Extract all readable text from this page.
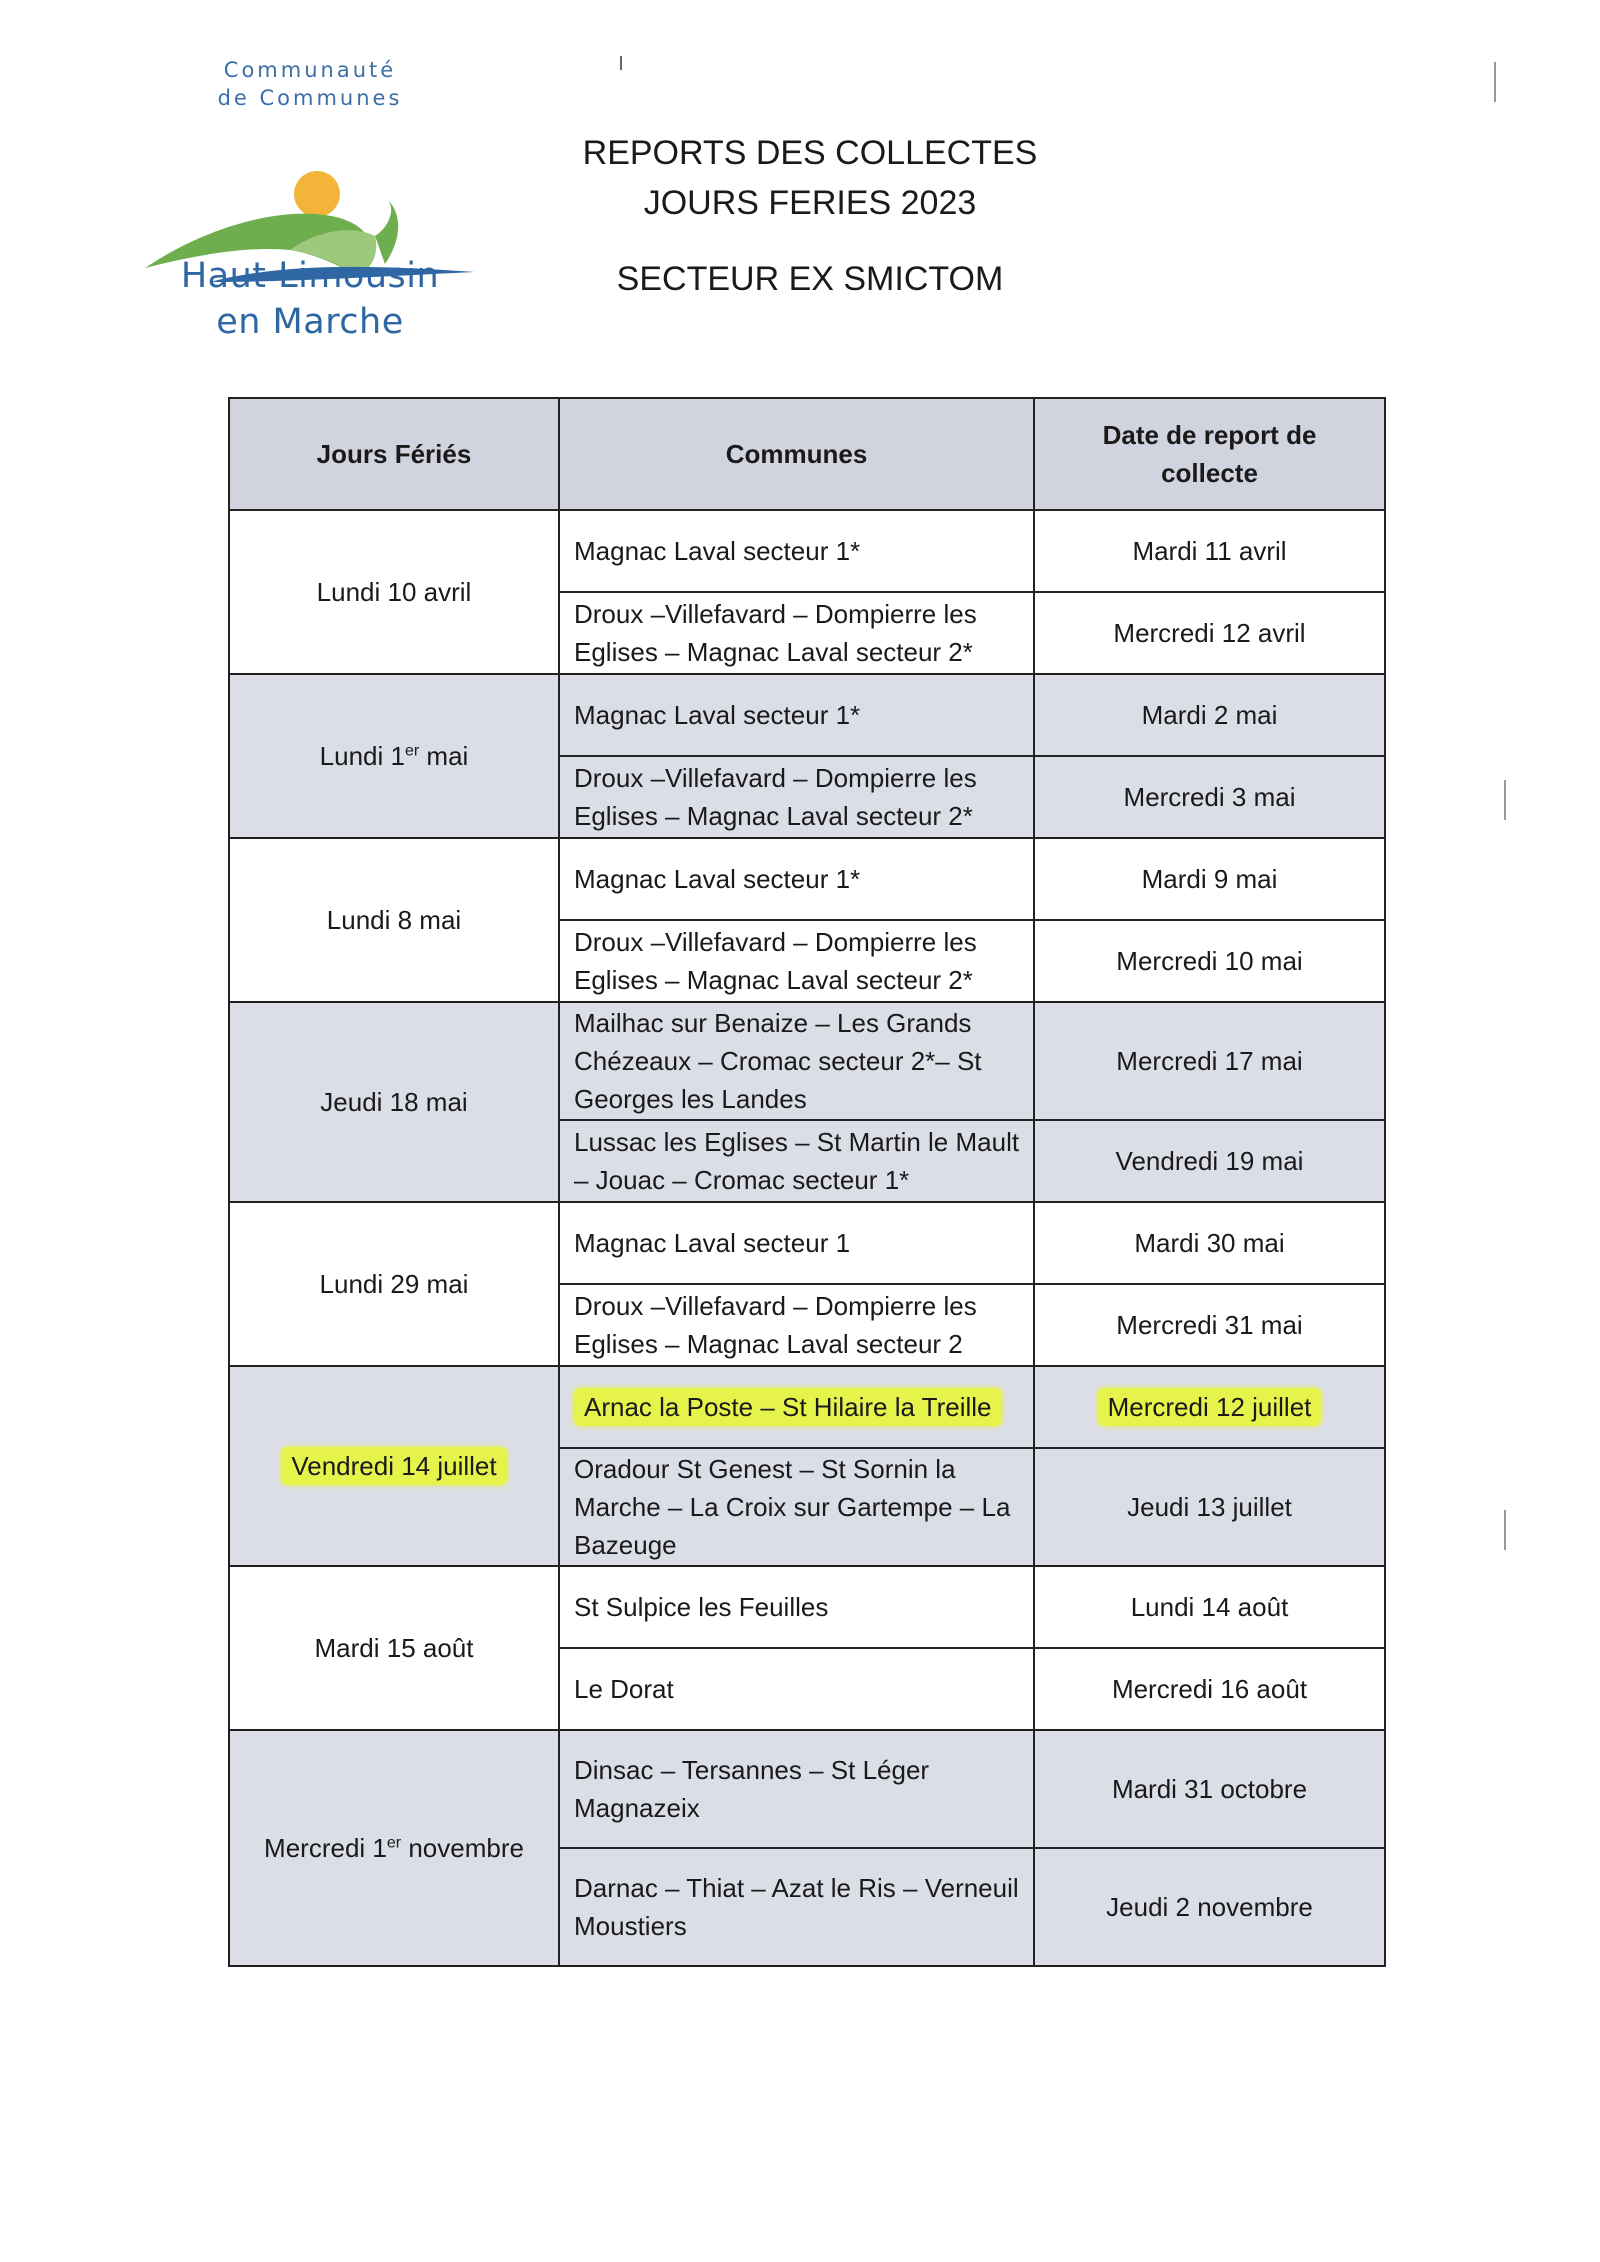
Communauté
de Communes
Haut Limousin
en Marche
REPORTS DES COLLECTES
JOURS FERIES 2023
SECTEUR EX SMICTOM
Jours Fériés	Communes	Date de report de collecte

Lundi 10 avril	Magnac Laval secteur 1*	Mardi 11 avril
	Droux –Villefavard – Dompierre les Eglises – Magnac Laval secteur 2*	Mercredi 12 avril
Lundi 1er mai	Magnac Laval secteur 1*	Mardi 2 mai
	Droux –Villefavard – Dompierre les Eglises – Magnac Laval secteur 2*	Mercredi 3 mai
Lundi 8 mai	Magnac Laval secteur 1*	Mardi 9 mai
	Droux –Villefavard – Dompierre les Eglises – Magnac Laval secteur 2*	Mercredi 10 mai
Jeudi 18 mai	Mailhac sur Benaize – Les Grands Chézeaux – Cromac secteur 2*– St Georges les Landes	Mercredi 17 mai
	Lussac les Eglises – St Martin le Mault – Jouac – Cromac secteur 1*	Vendredi 19 mai
Lundi 29 mai	Magnac Laval secteur 1	Mardi 30 mai
	Droux –Villefavard – Dompierre les Eglises – Magnac Laval secteur 2	Mercredi 31 mai
Vendredi 14 juillet	Arnac la Poste – St Hilaire la Treille	Mercredi 12 juillet
	Oradour St Genest – St Sornin la Marche – La Croix sur Gartempe – La Bazeuge	Jeudi 13 juillet
Mardi 15 août	St Sulpice les Feuilles	Lundi 14 août
	Le Dorat	Mercredi 16 août
Mercredi 1er novembre	Dinsac – Tersannes – St Léger Magnazeix	Mardi 31 octobre
	Darnac – Thiat – Azat le Ris – Verneuil Moustiers	Jeudi 2 novembre
